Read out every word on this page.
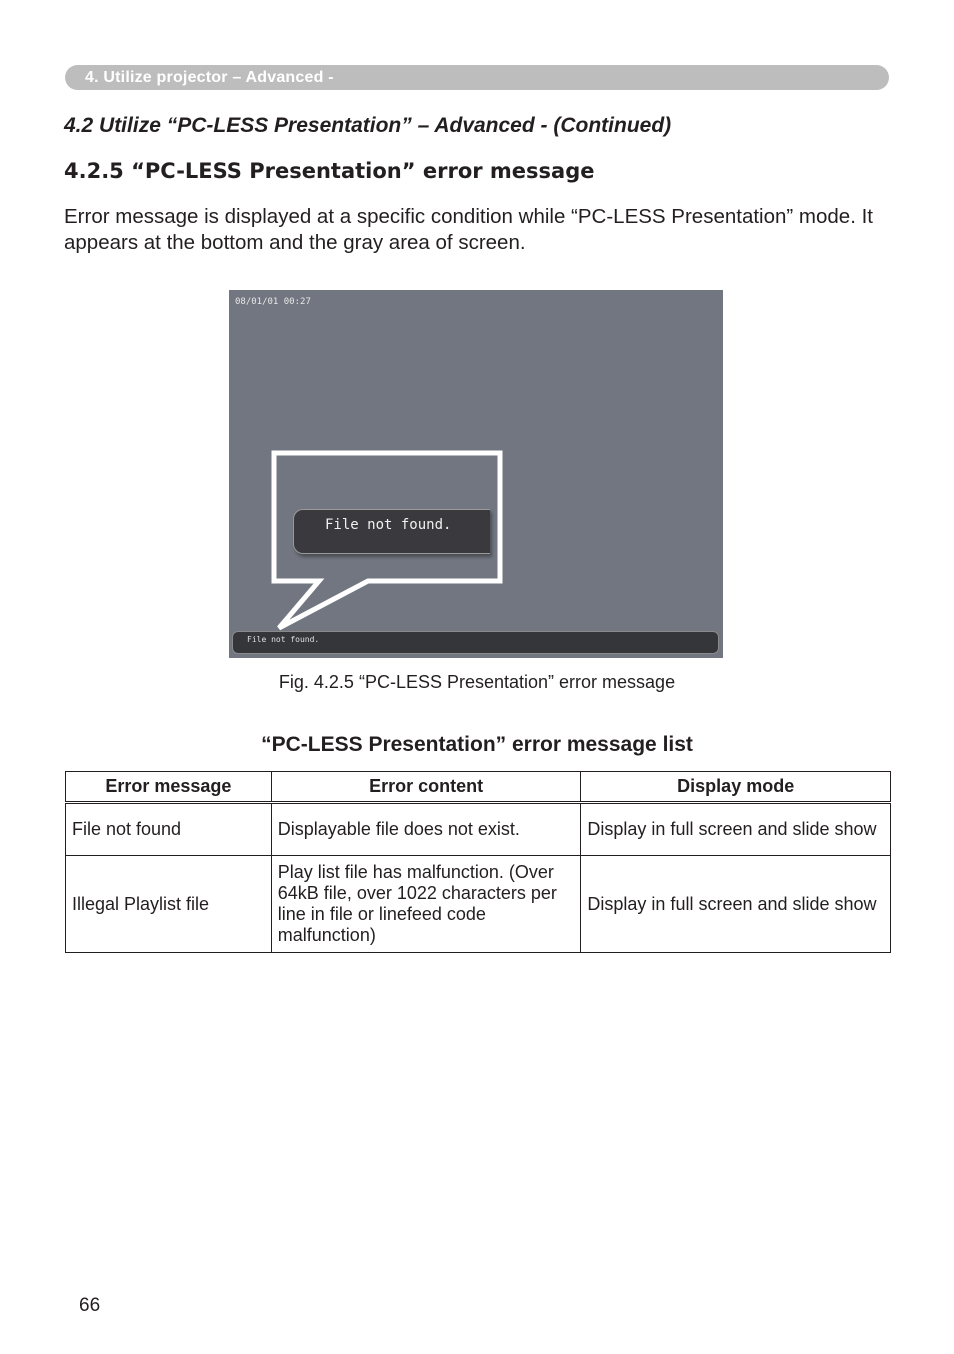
4. Utilize projector – Advanced -

4.2 Utilize “PC-LESS Presentation” – Advanced - (Continued)

4.2.5 “PC-LESS Presentation” error message

Error message is displayed at a specific condition while “PC-LESS Presentation” mode. It appears at the bottom and the gray area of screen.

08/01/01 00:27
File not found.
File not found.

Fig. 4.2.5 “PC-LESS Presentation” error message

“PC-LESS Presentation” error message list

Error message	Error content	Display mode
File not found	Displayable file does not exist.	Display in full screen and slide show
Illegal Playlist file	Play list file has malfunction. (Over 64kB file, over 1022 characters per line in file or linefeed code malfunction)	Display in full screen and slide show

66
